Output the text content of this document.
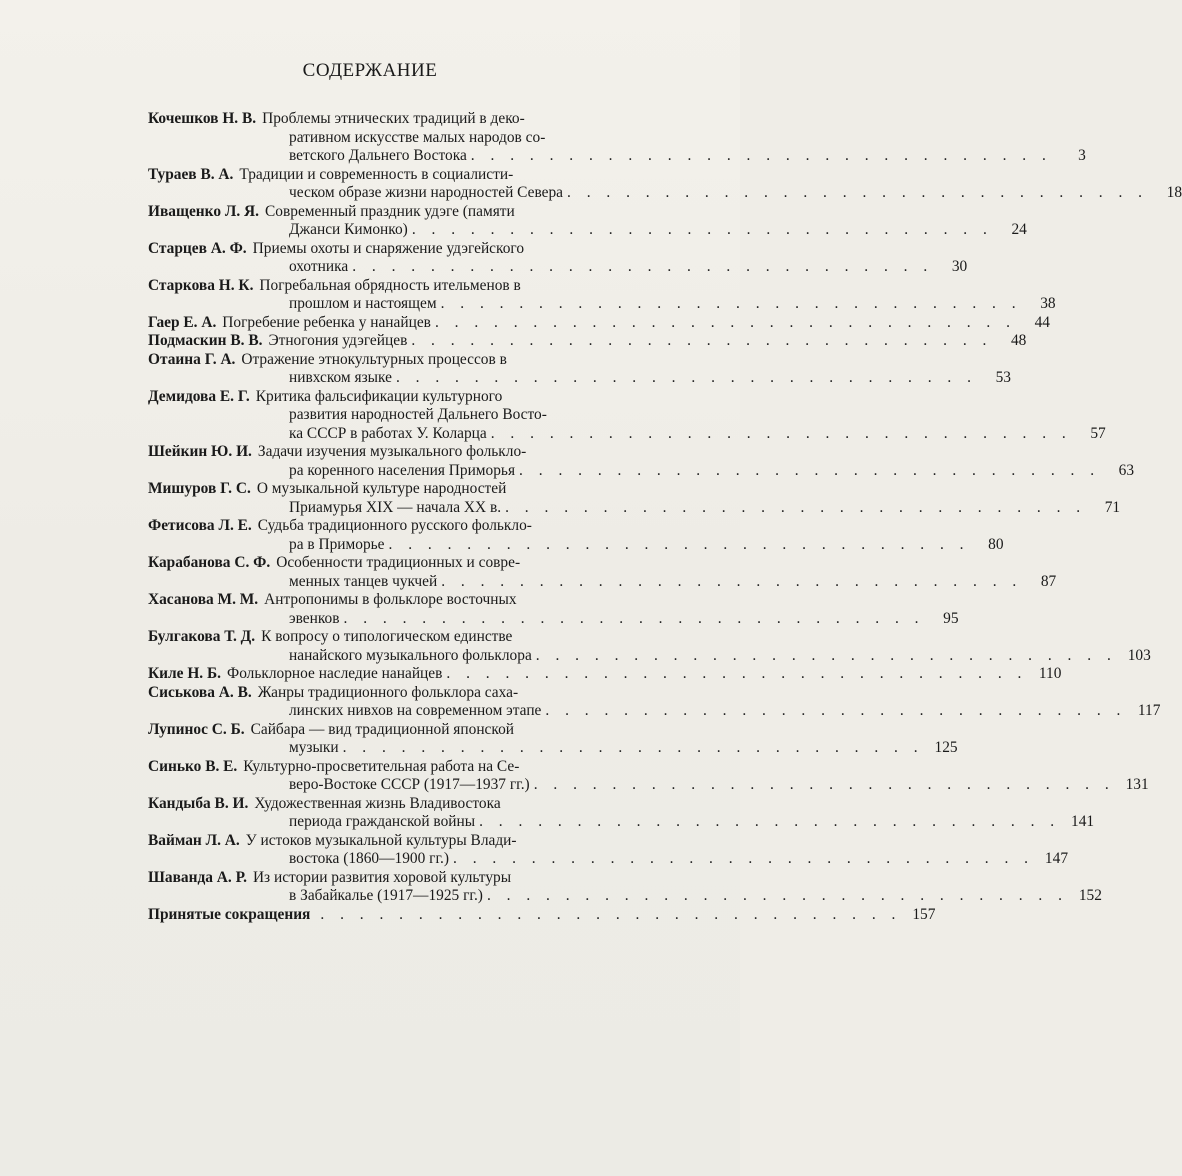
СОДЕРЖАНИЕ
Кочешков Н. В. Проблемы этнических традиций в деко-
ративном искусстве малых народов со-
ветского Дальнего Востока . . . . . . . . . . . . . . . . . . . . . . . . . . . . . .	3
Тураев В. А. Традиции и современность в социалисти-
ческом образе жизни народностей Севера . . . . . . . . . . . . . . . . . . . . . . . . . . . . . .	18
Иващенко Л. Я. Современный праздник удэге (памяти
Джанси Кимонко) . . . . . . . . . . . . . . . . . . . . . . . . . . . . . .	24
Старцев А. Ф. Приемы охоты и снаряжение удэгейского
охотника . . . . . . . . . . . . . . . . . . . . . . . . . . . . . .	30
Старкова Н. К. Погребальная обрядность ительменов в
прошлом и настоящем . . . . . . . . . . . . . . . . . . . . . . . . . . . . . .	38
Гаер Е. А. Погребение ребенка у нанайцев . . . . . . . . . . . . . . . . . . . . . . . . . . . . . .	44
Подмаскин В. В. Этногония удэгейцев . . . . . . . . . . . . . . . . . . . . . . . . . . . . . .	48
Отаина Г. А. Отражение этнокультурных процессов в
нивхском языке . . . . . . . . . . . . . . . . . . . . . . . . . . . . . .	53
Демидова Е. Г. Критика фальсификации культурного
развития народностей Дальнего Восто-
ка СССР в работах У. Коларца . . . . . . . . . . . . . . . . . . . . . . . . . . . . . .	57
Шейкин Ю. И. Задачи изучения музыкального фолькло-
ра коренного населения Приморья . . . . . . . . . . . . . . . . . . . . . . . . . . . . . .	63
Мишуров Г. С. О музыкальной культуре народностей
Приамурья XIX — начала XX в. . . . . . . . . . . . . . . . . . . . . . . . . . . . . . .	71
Фетисова Л. Е. Судьба традиционного русского фолькло-
ра в Приморье . . . . . . . . . . . . . . . . . . . . . . . . . . . . . .	80
Карабанова С. Ф. Особенности традиционных и совре-
менных танцев чукчей . . . . . . . . . . . . . . . . . . . . . . . . . . . . . .	87
Хасанова М. М. Антропонимы в фольклоре восточных
эвенков . . . . . . . . . . . . . . . . . . . . . . . . . . . . . .	95
Булгакова Т. Д. К вопросу о типологическом единстве
нанайского музыкального фольклора . . . . . . . . . . . . . . . . . . . . . . . . . . . . . . 103
Киле Н. Б. Фольклорное наследие нанайцев . . . . . . . . . . . . . . . . . . . . . . . . . . . . . . 110
Сиськова А. В. Жанры традиционного фольклора саха-
линских нивхов на современном этапе . . . . . . . . . . . . . . . . . . . . . . . . . . . . . . 117
Лупинос С. Б. Сайбара — вид традиционной японской
музыки . . . . . . . . . . . . . . . . . . . . . . . . . . . . . . 125
Синько В. Е. Культурно-просветительная работа на Се-
веро-Востоке СССР (1917—1937 гг.) . . . . . . . . . . . . . . . . . . . . . . . . . . . . . . 131
Кандыба В. И. Художественная жизнь Владивостока
периода гражданской войны . . . . . . . . . . . . . . . . . . . . . . . . . . . . . . 141
Вайман Л. А. У истоков музыкальной культуры Влади-
востока (1860—1900 гг.) . . . . . . . . . . . . . . . . . . . . . . . . . . . . . . 147
Шаванда А. Р. Из истории развития хоровой культуры
в Забайкалье (1917—1925 гг.) . . . . . . . . . . . . . . . . . . . . . . . . . . . . . . 152
Принятые сокращения . . . . . . . . . . . . . . . . . . . . . . . . . . . . . . 157
